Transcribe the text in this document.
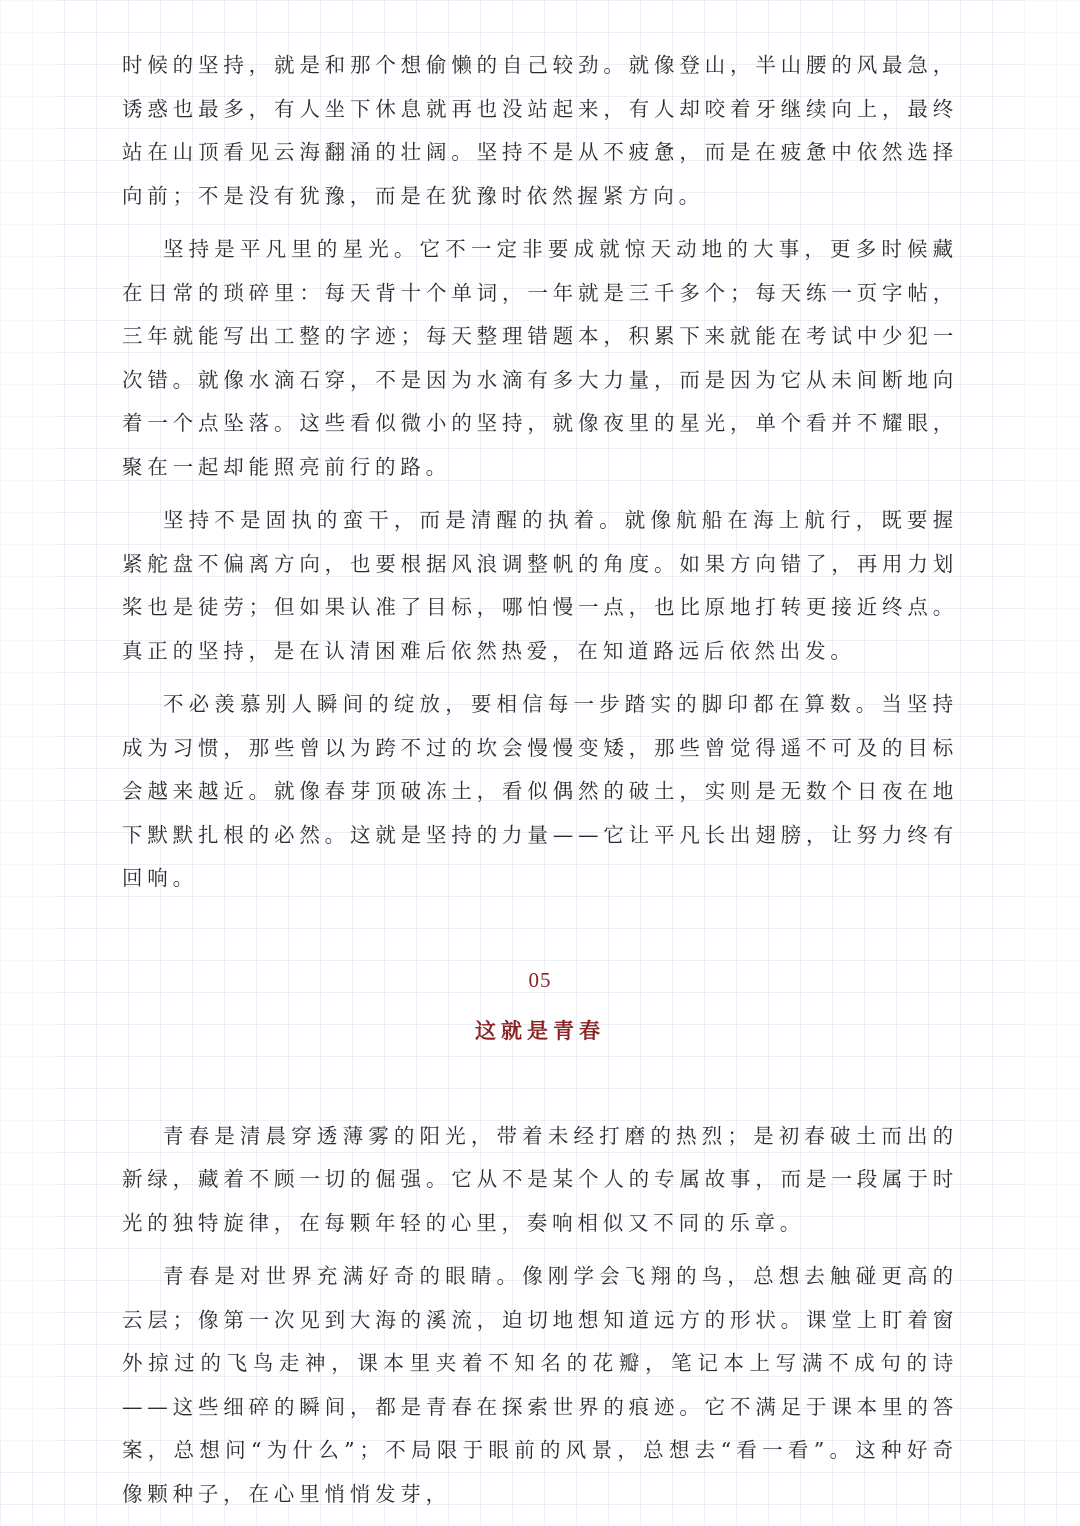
时候的坚持，就是和那个想偷懒的自己较劲。就像登山，半山腰的风最急，诱惑也最多，有人坐下休息就再也没站起来，有人却咬着牙继续向上，最终站在山顶看见云海翻涌的壮阔。坚持不是从不疲惫，而是在疲惫中依然选择向前；不是没有犹豫，而是在犹豫时依然握紧方向。

坚持是平凡里的星光。它不一定非要成就惊天动地的大事，更多时候藏在日常的琐碎里：每天背十个单词，一年就是三千多个；每天练一页字帖，三年就能写出工整的字迹；每天整理错题本，积累下来就能在考试中少犯一次错。就像水滴石穿，不是因为水滴有多大力量，而是因为它从未间断地向着一个点坠落。这些看似微小的坚持，就像夜里的星光，单个看并不耀眼，聚在一起却能照亮前行的路。

坚持不是固执的蛮干，而是清醒的执着。就像航船在海上航行，既要握紧舵盘不偏离方向，也要根据风浪调整帆的角度。如果方向错了，再用力划桨也是徒劳；但如果认准了目标，哪怕慢一点，也比原地打转更接近终点。真正的坚持，是在认清困难后依然热爱，在知道路远后依然出发。

不必羡慕别人瞬间的绽放，要相信每一步踏实的脚印都在算数。当坚持成为习惯，那些曾以为跨不过的坎会慢慢变矮，那些曾觉得遥不可及的目标会越来越近。就像春芽顶破冻土，看似偶然的破土，实则是无数个日夜在地下默默扎根的必然。这就是坚持的力量——它让平凡长出翅膀，让努力终有回响。

05
这就是青春

青春是清晨穿透薄雾的阳光，带着未经打磨的热烈；是初春破土而出的新绿，藏着不顾一切的倔强。它从不是某个人的专属故事，而是一段属于时光的独特旋律，在每颗年轻的心里，奏响相似又不同的乐章。

青春是对世界充满好奇的眼睛。像刚学会飞翔的鸟，总想去触碰更高的云层；像第一次见到大海的溪流，迫切地想知道远方的形状。课堂上盯着窗外掠过的飞鸟走神，课本里夹着不知名的花瓣，笔记本上写满不成句的诗——这些细碎的瞬间，都是青春在探索世界的痕迹。它不满足于课本里的答案，总想问“为什么”；不局限于眼前的风景，总想去“看一看”。这种好奇像颗种子，在心里悄悄发芽，
